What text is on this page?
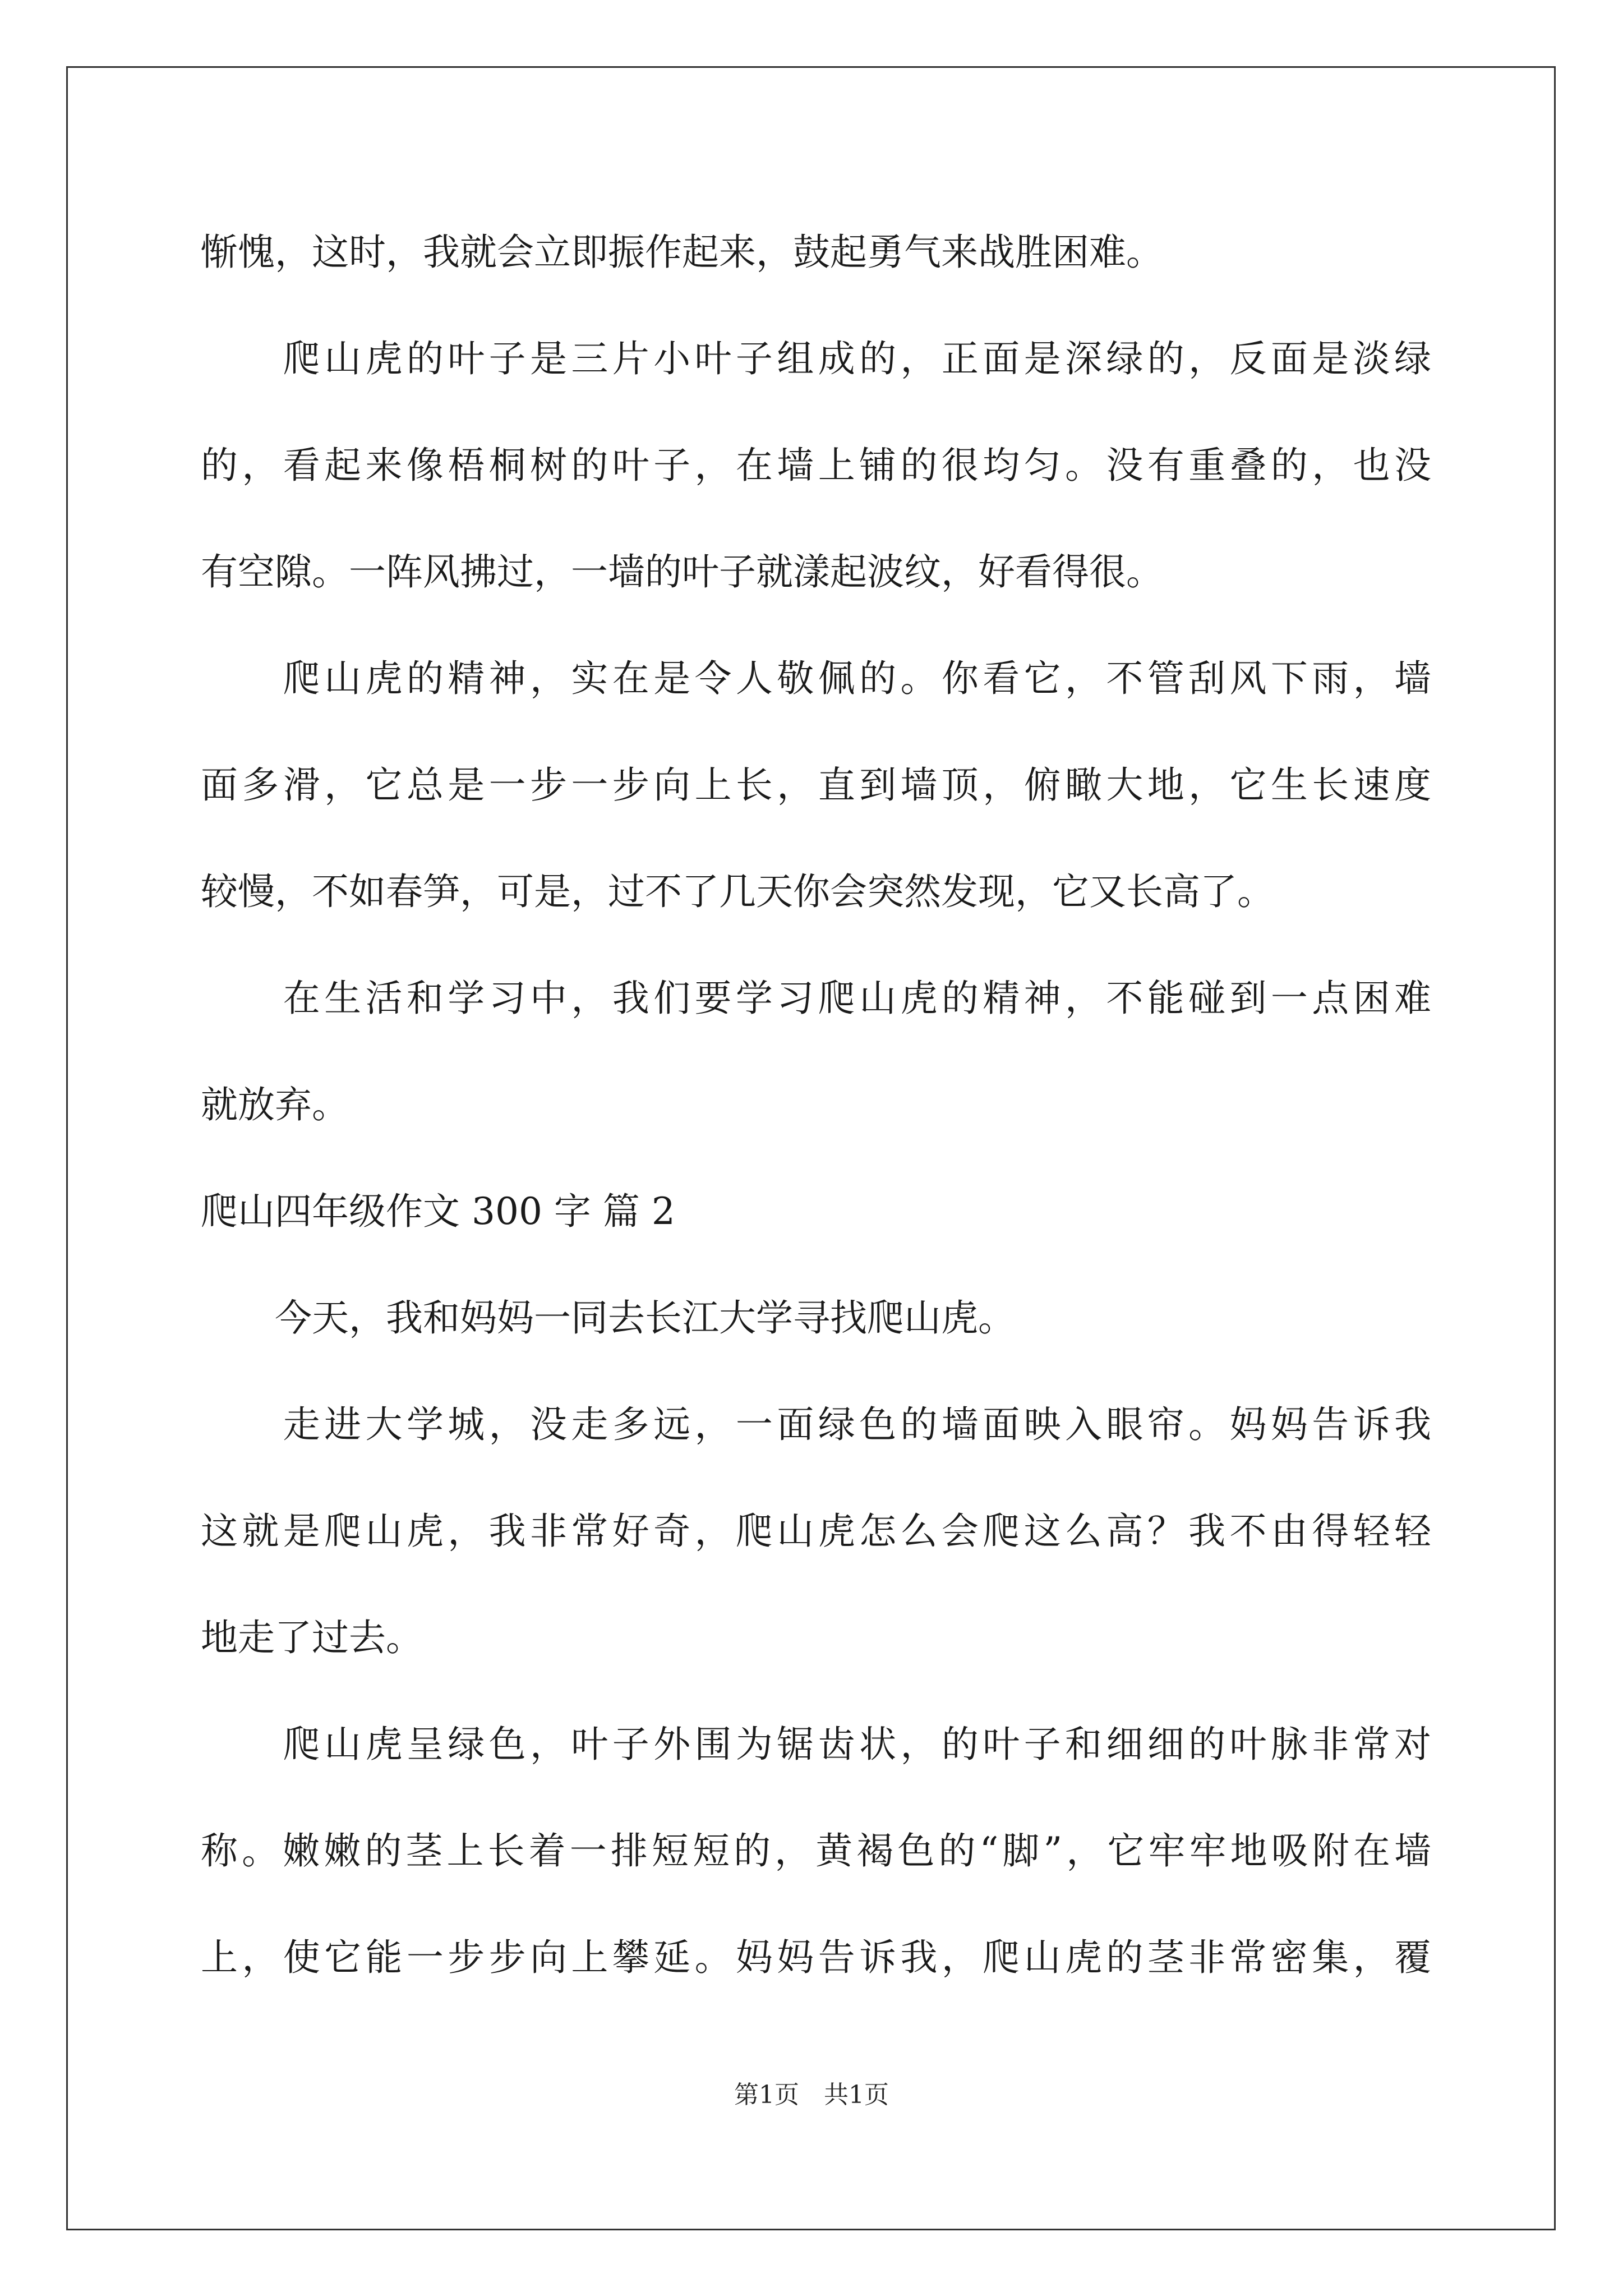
惭愧，这时，我就会立即振作起来，鼓起勇气来战胜困难。
　　爬山虎的叶子是三片小叶子组成的，正面是深绿的，反面是淡绿
的，看起来像梧桐树的叶子，在墙上铺的很均匀。没有重叠的，也没
有空隙。一阵风拂过，一墙的叶子就漾起波纹，好看得很。
　　爬山虎的精神，实在是令人敬佩的。你看它，不管刮风下雨，墙
面多滑，它总是一步一步向上长，直到墙顶，俯瞰大地，它生长速度
较慢，不如春笋，可是，过不了几天你会突然发现，它又长高了。
　　在生活和学习中，我们要学习爬山虎的精神，不能碰到一点困难
就放弃。
爬山四年级作文 300 字 篇 2
　　今天，我和妈妈一同去长江大学寻找爬山虎。
　　走进大学城，没走多远，一面绿色的墙面映入眼帘。妈妈告诉我
这就是爬山虎，我非常好奇，爬山虎怎么会爬这么高？我不由得轻轻
地走了过去。
　　爬山虎呈绿色，叶子外围为锯齿状，的叶子和细细的叶脉非常对
称。嫩嫩的茎上长着一排短短的，黄褐色的“脚”，它牢牢地吸附在墙
上，使它能一步步向上攀延。妈妈告诉我，爬山虎的茎非常密集，覆
第1页　共1页
